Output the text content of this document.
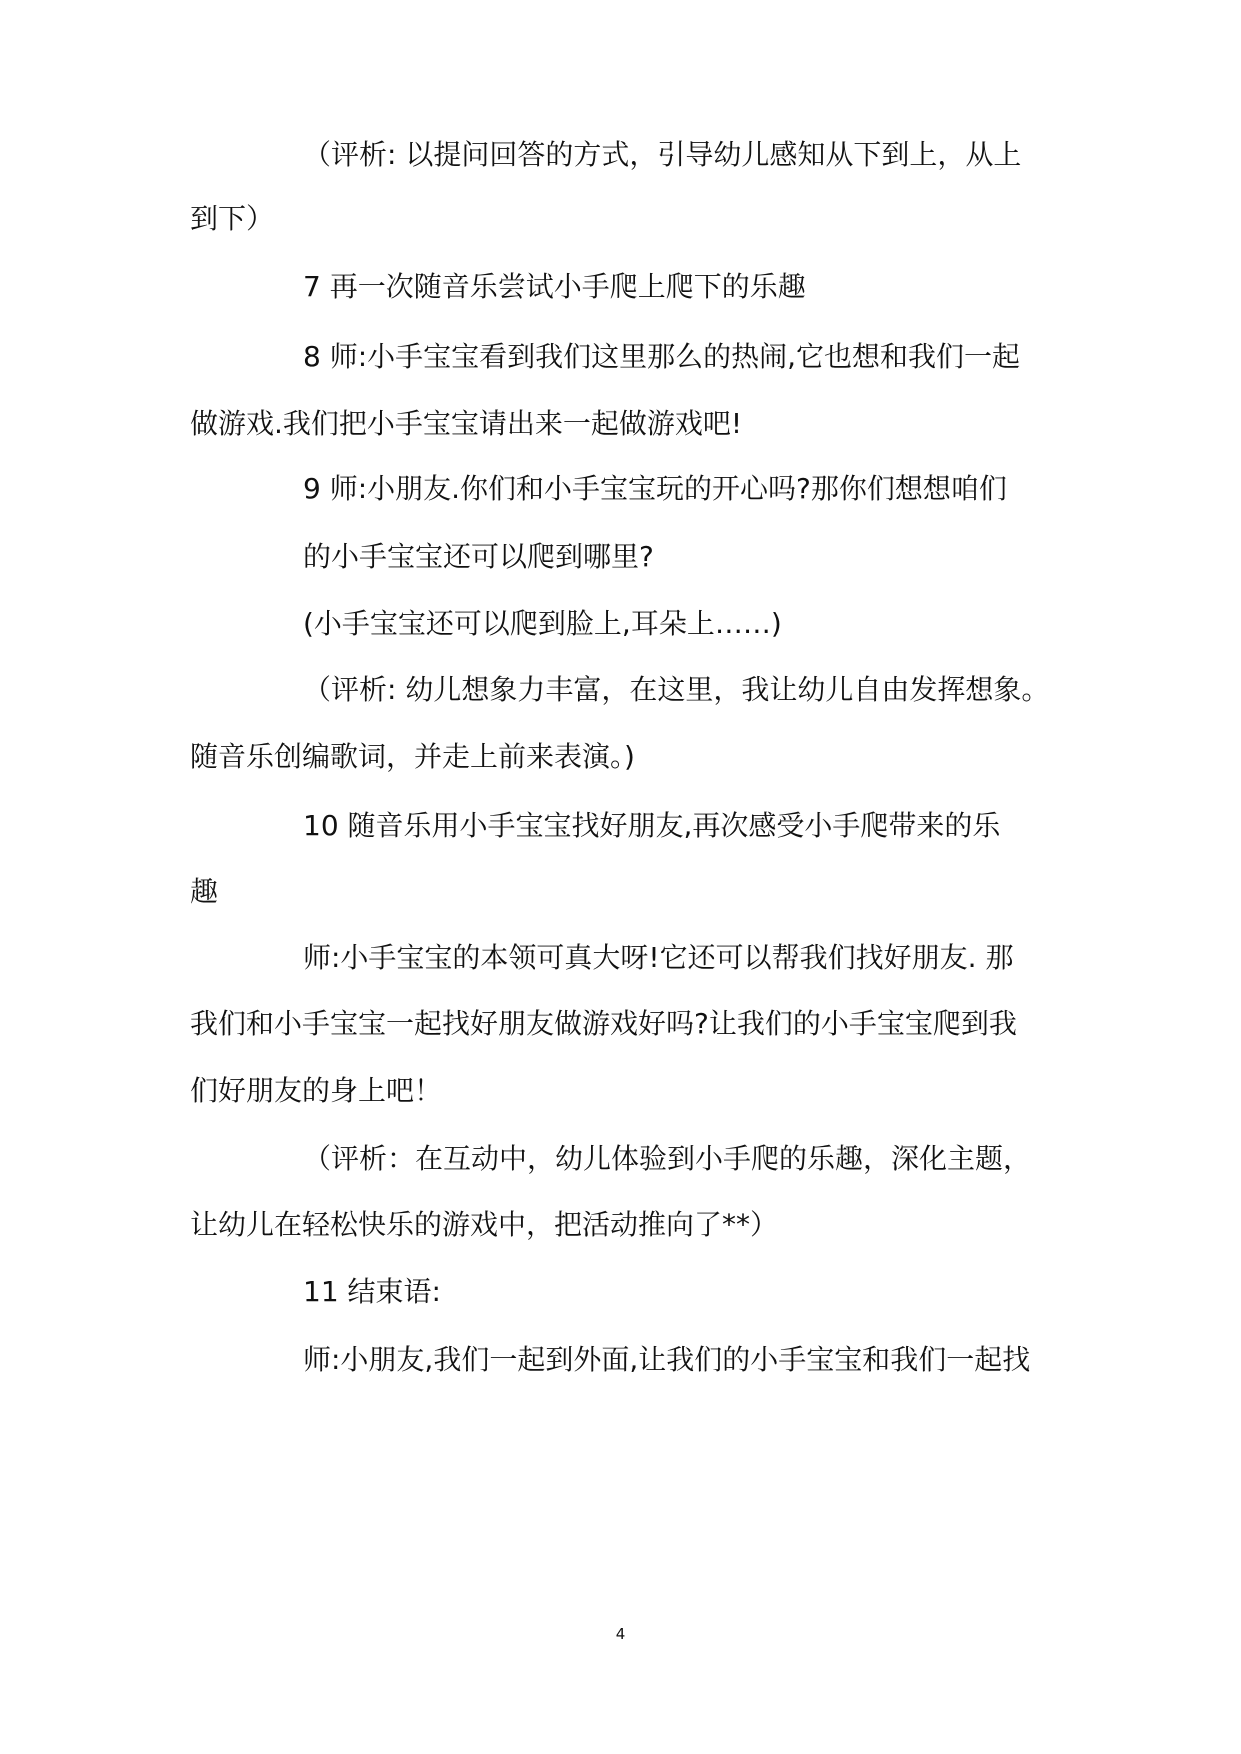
（评析: 以提问回答的方式，引导幼儿感知从下到上，从上
到下）
7 再一次随音乐尝试小手爬上爬下的乐趣
8 师:小手宝宝看到我们这里那么的热闹,它也想和我们一起
做游戏.我们把小手宝宝请出来一起做游戏吧!
9 师:小朋友.你们和小手宝宝玩的开心吗?那你们想想咱们
的小手宝宝还可以爬到哪里?
(小手宝宝还可以爬到脸上,耳朵上……)
（评析: 幼儿想象力丰富，在这里，我让幼儿自由发挥想象。
随音乐创编歌词，并走上前来表演。)
10 随音乐用小手宝宝找好朋友,再次感受小手爬带来的乐
趣
师:小手宝宝的本领可真大呀!它还可以帮我们找好朋友. 那
我们和小手宝宝一起找好朋友做游戏好吗?让我们的小手宝宝爬到我
们好朋友的身上吧！
（评析：在互动中，幼儿体验到小手爬的乐趣，深化主题，
让幼儿在轻松快乐的游戏中，把活动推向了**）
11 结束语:
师:小朋友,我们一起到外面,让我们的小手宝宝和我们一起找
4
